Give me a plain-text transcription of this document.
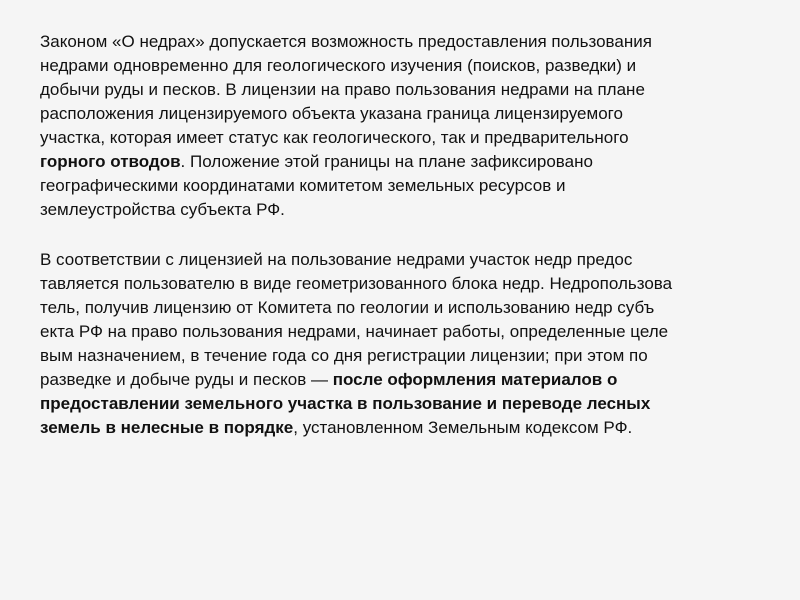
Законом «О недрах» допускается возможность предоставления пользования
недрами одновременно для геологического изучения (поисков, разведки) и
добычи руды и песков. В лицензии на право пользования недрами на плане
расположения лицензируемого объекта указана граница лицензируемого
участка, которая имеет статус как геологического, так и предварительного
горного отводов. Положение этой границы на плане зафиксировано
географическими координатами комитетом земельных ресурсов и
землеустройства субъекта РФ.
В соответствии с лицензией на пользование недрами участок недр предос
тавляется пользователю в виде геометризованного блока недр. Недропользова
тель, получив лицензию от Комитета по геологии и использованию недр субъ
екта РФ на право пользования недрами, начинает работы, определенные целе
вым назначением, в течение года со дня регистрации лицензии; при этом по
разведке и добыче руды и песков — после оформления материалов о
предоставлении земельного участка в пользование и переводе лесных
земель в нелесные в порядке, установленном Земельным кодексом РФ.
